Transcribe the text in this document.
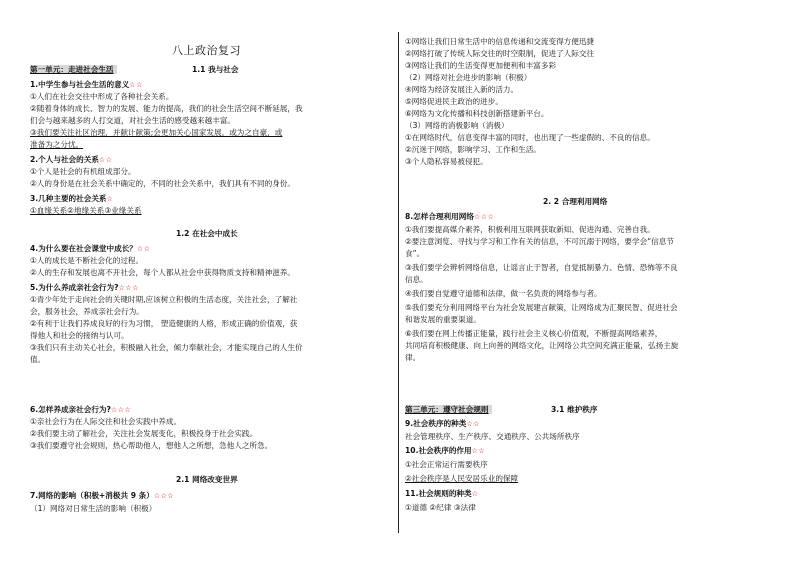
八上政治复习
第一单元：走进社会生活	1.1 我与社会
1.中学生参与社会生活的意义☆☆
①人们在社会交往中形成了各种社会关系。
②随着身体的成长、智力的发展、能力的提高，我们的社会生活空间不断延展，我
们会与越来越多的人打交道，对社会生活的感受越来越丰富。
③我们要关注社区治理，并献计献策;会更加关心国家发展，或为之自豪，或
准备为之分忧。
2.个人与社会的关系☆☆
①个人是社会的有机组成部分。
②人的身份是在社会关系中确定的，不同的社会关系中，我们具有不同的身份。
3.几种主要的社会关系☆
①血缘关系②地缘关系③业缘关系
1.2 在社会中成长
4.为什么要在社会课堂中成长？☆☆
①人的成长是不断社会化的过程。
②人的生存和发展也离不开社会，每个人都从社会中获得物质支持和精神滋养。
5.为什么养成亲社会行为?☆☆☆
①青少年处于走向社会的关键时期,应该树立积极的生活态度，关注社会，了解社
会，服务社会，养成亲社会行为。
②有利于让我们养成良好的行为习惯， 塑造健康的人格，形成正确的价值观，获
得他人和社会的接纳与认可。
③我们只有主动关心社会，积极融入社会，倾力奉献社会，才能实现自己的人生价
值。
6.怎样养成亲社会行为?☆☆☆
①亲社会行为在人际交往和社会实践中养成。
②我们要主动了解社会，关注社会发展变化，积极投身于社会实践。
③我们要遵守社会规则，热心帮助他人，想他人之所想，急他人之所急。
2.1 网络改变世界
7.网络的影响（积极+消极共 9 条）☆☆☆
（1）网络对日常生活的影响（积极）
①网络让我们日常生活中的信息传递和交流变得方便迅捷
②网络打破了传统人际交往的时空限制，促进了人际交往
③网络让我们的生活变得更加便利和丰富多彩
（2）网络对社会进步的影响（积极）
④网络为经济发展注入新的活力。
⑤网络促进民主政治的进步。
⑥网络为文化传播和科技创新搭建新平台。
（3）网络的消极影响（消极）
①在网络时代，信息变得丰富的同时，也出现了一些虚假的、不良的信息。
②沉迷于网络，影响学习、工作和生活。
③个人隐私容易被侵犯。
2. 2 合理利用网络
8.怎样合理利用网络☆☆☆
①我们要提高媒介素养，积极利用互联网获取新知、促进沟通、完善自我。
②要注意浏览、寻找与学习和工作有关的信息，不可沉溺于网络，要学会“信息节
食”。
③我们要学会辨析网络信息，让谣言止于智者，自觉抵制暴力、色情、恐怖等不良
信息。
④我们要自觉遵守道德和法律，做一名负责的网络参与者。
⑤我们要充分利用网络平台为社会发展建言献策，让网络成为汇聚民智、促进社会
和谐发展的重要渠道。
⑥我们要在网上传播正能量，践行社会主义核心价值观，不断提高网络素养，
共同培育积极健康、向上向善的网络文化，让网络公共空间充满正能量，弘扬主旋
律。
第三单元：遵守社会规则	3.1 维护秩序
9.社会秩序的种类☆☆
社会管理秩序、生产秩序、交通秩序、公共场所秩序
10.社会秩序的作用☆☆
①社会正常运行需要秩序
②社会秩序是人民安居乐业的保障
11.社会规则的种类☆
①道德 ②纪律 ③法律
